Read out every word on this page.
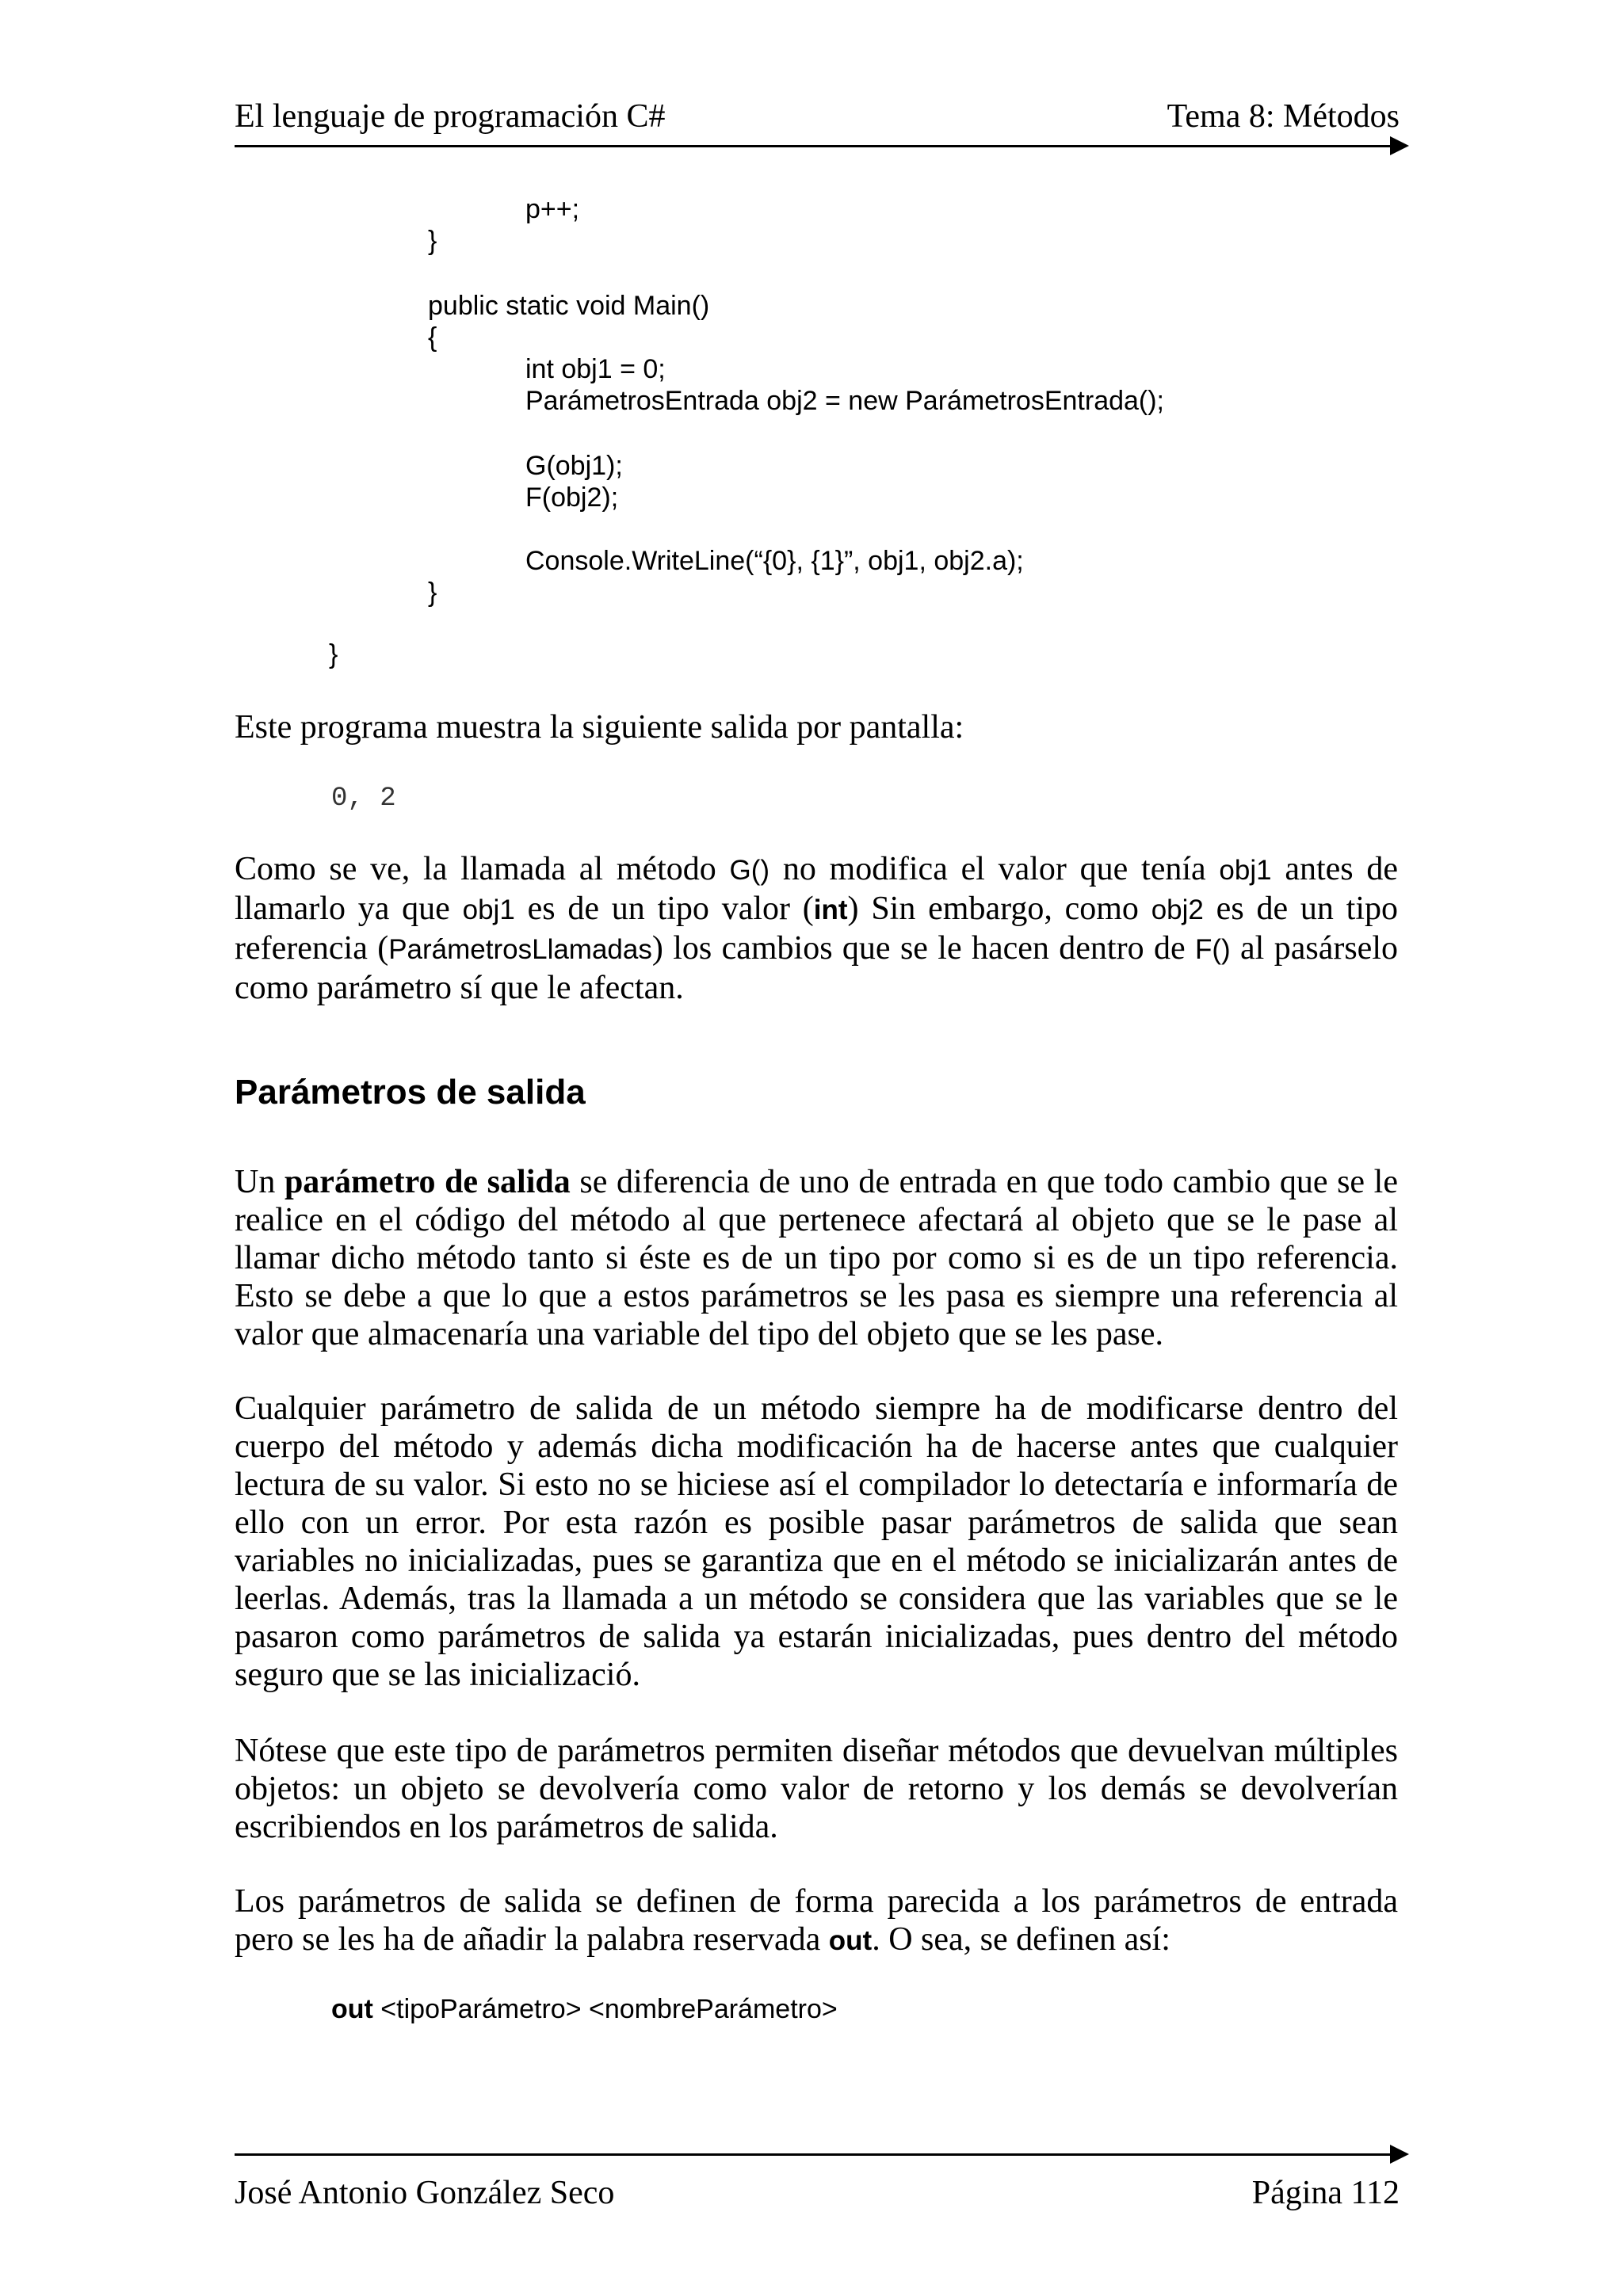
El lenguaje de programación C#	Tema 8: Métodos
p++;
}
public static void Main()
{
int obj1 = 0;
ParámetrosEntrada obj2 = new ParámetrosEntrada();
G(obj1);
F(obj2);
Console.WriteLine(“{0}, {1}”, obj1, obj2.a);
}
}

Este programa muestra la siguiente salida por pantalla:

0, 2

Como se ve, la llamada al método G() no modifica el valor que tenía obj1 antes de llamarlo ya que obj1 es de un tipo valor (int) Sin embargo, como obj2 es de un tipo referencia (ParámetrosLlamadas) los cambios que se le hacen dentro de F() al pasárselo como parámetro sí que le afectan.

Parámetros de salida

Un parámetro de salida se diferencia de uno de entrada en que todo cambio que se le realice en el código del método al que pertenece afectará al objeto que se le pase al llamar dicho método tanto si éste es de un tipo por como si es de un tipo referencia. Esto se debe a que lo que a estos parámetros se les pasa es siempre una referencia al valor que almacenaría una variable del tipo del objeto que se les pase.

Cualquier parámetro de salida de un método siempre ha de modificarse dentro del cuerpo del método y además dicha modificación ha de hacerse antes que cualquier lectura de su valor. Si esto no se hiciese así el compilador lo detectaría e informaría de ello con un error. Por esta razón es posible pasar parámetros de salida que sean variables no inicializadas, pues se garantiza que en el método se inicializarán antes de leerlas. Además, tras la llamada a un método se considera que las variables que se le pasaron como parámetros de salida ya estarán inicializadas, pues dentro del método seguro que se las inicializació.

Nótese que este tipo de parámetros permiten diseñar métodos que devuelvan múltiples objetos: un objeto se devolvería como valor de retorno y los demás se devolverían escribiendos en los parámetros de salida.

Los parámetros de salida se definen de forma parecida a los parámetros de entrada pero se les ha de añadir la palabra reservada out. O sea, se definen así:

out <tipoParámetro> <nombreParámetro>
José Antonio González Seco	Página 112
